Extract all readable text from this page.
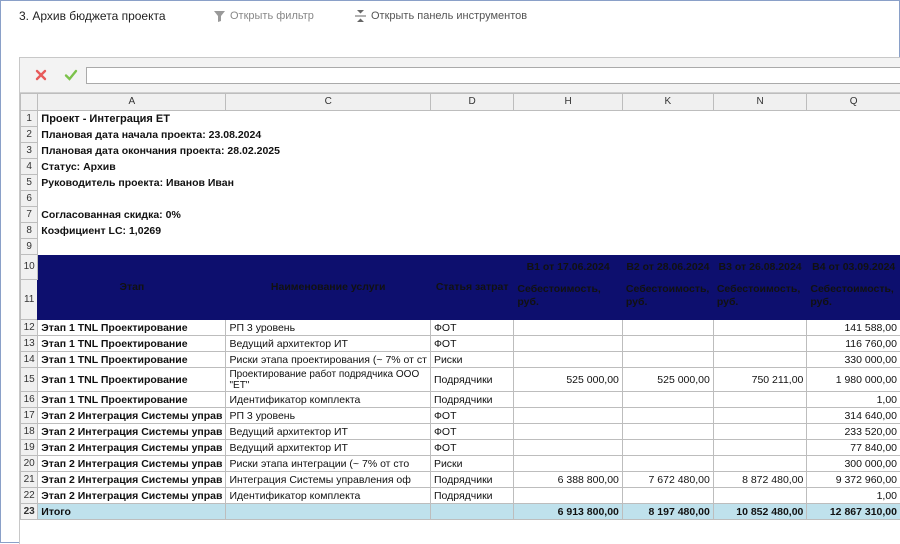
3. Архив бюджета проекта	Открыть фильтр	Открыть панель инструментов
	A	C	D	H	K	N	Q
1	Проект - Интеграция ЕТ						
2	Плановая дата начала проекта: 23.08.2024						
3	Плановая дата окончания проекта: 28.02.2025						
4	Статус: Архив						
5	Руководитель проекта: Иванов Иван						
6							
7	Согласованная скидка: 0%						
8	Коэфициент LC: 1,0269						
9							
10	Этап	Наименование услуги	Статья затрат	В1 от 17.06.2024	В2 от 28.06.2024	В3 от 26.08.2024	В4 от 03.09.2024
11				Себестоимость, руб.	Себестоимость, руб.	Себестоимость, руб.	Себестоимость, руб.
12	Этап 1 TNL Проектирование	РП 3 уровень	ФОТ				141 588,00
13	Этап 1 TNL Проектирование	Ведущий архитектор ИТ	ФОТ				116 760,00
14	Этап 1 TNL Проектирование	Риски этапа проектирования (~ 7% от ст	Риски				330 000,00
15	Этап 1 TNL Проектирование	Проектирование работ подрядчика ООО "ЕТ"	Подрядчики	525 000,00	525 000,00	750 211,00	1 980 000,00
16	Этап 1 TNL Проектирование	Идентификатор комплекта	Подрядчики				1,00
17	Этап 2 Интеграция Системы управ	РП 3 уровень	ФОТ				314 640,00
18	Этап 2 Интеграция Системы управ	Ведущий архитектор ИТ	ФОТ				233 520,00
19	Этап 2 Интеграция Системы управ	Ведущий архитектор ИТ	ФОТ				77 840,00
20	Этап 2 Интеграция Системы управ	Риски этапа интеграции (~ 7% от сто	Риски				300 000,00
21	Этап 2 Интеграция Системы управ	Интеграция Системы управления оф	Подрядчики	6 388 800,00	7 672 480,00	8 872 480,00	9 372 960,00
22	Этап 2 Интеграция Системы управ	Идентификатор комплекта	Подрядчики				1,00
23	Итого			6 913 800,00	8 197 480,00	10 852 480,00	12 867 310,00
